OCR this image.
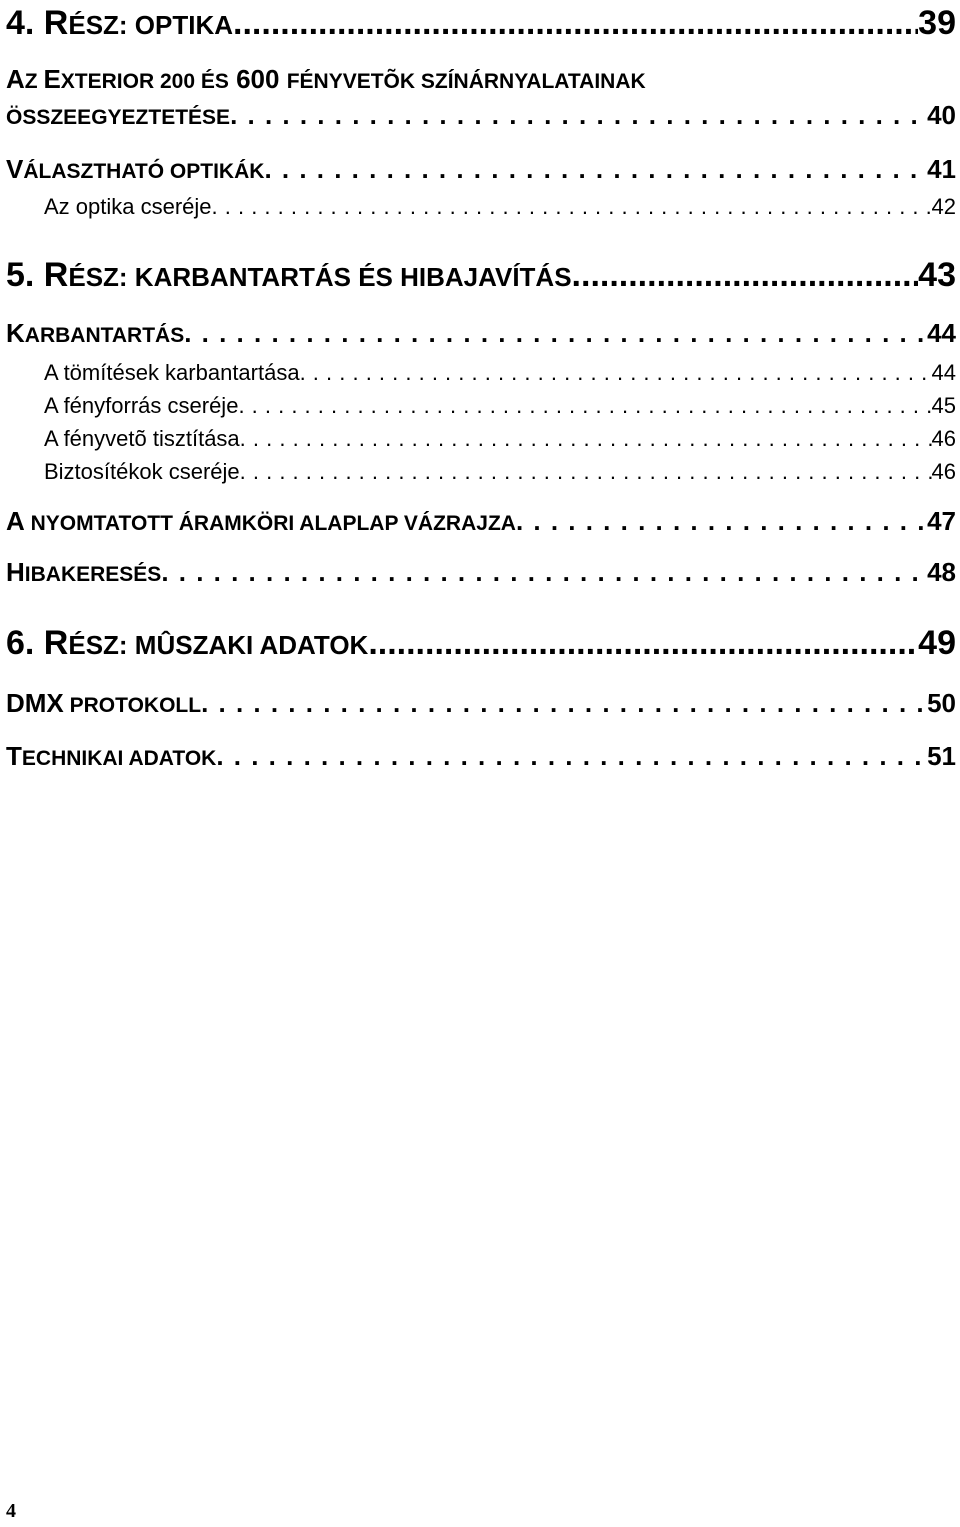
4. RÉSZ: OPTIKA .....	39
AZ EXTERIOR 200 ÉS 600 FÉNYVETÕK SZÍNÁRNYALATAINAK
ÖSSZEEGYEZTETÉSE . . .	40
VÁLASZTHATÓ OPTIKÁK . . .	41
Az optika cseréje . . .	42
5. RÉSZ: KARBANTARTÁS ÉS HIBAJAVÍTÁS .....	43
KARBANTARTÁS . . .	44
A tömítések karbantartása . . .	44
A fényforrás cseréje . . .	45
A fényvetõ tisztítása . . .	46
Biztosítékok cseréje . . .	46
A NYOMTATOTT ÁRAMKÖRI ALAPLAP VÁZRAJZA . . .	47
HIBAKERESÉS . . .	48
6. RÉSZ: MÛSZAKI ADATOK .....	49
DMX PROTOKOLL . . .	50
TECHNIKAI ADATOK . . .	51
4
